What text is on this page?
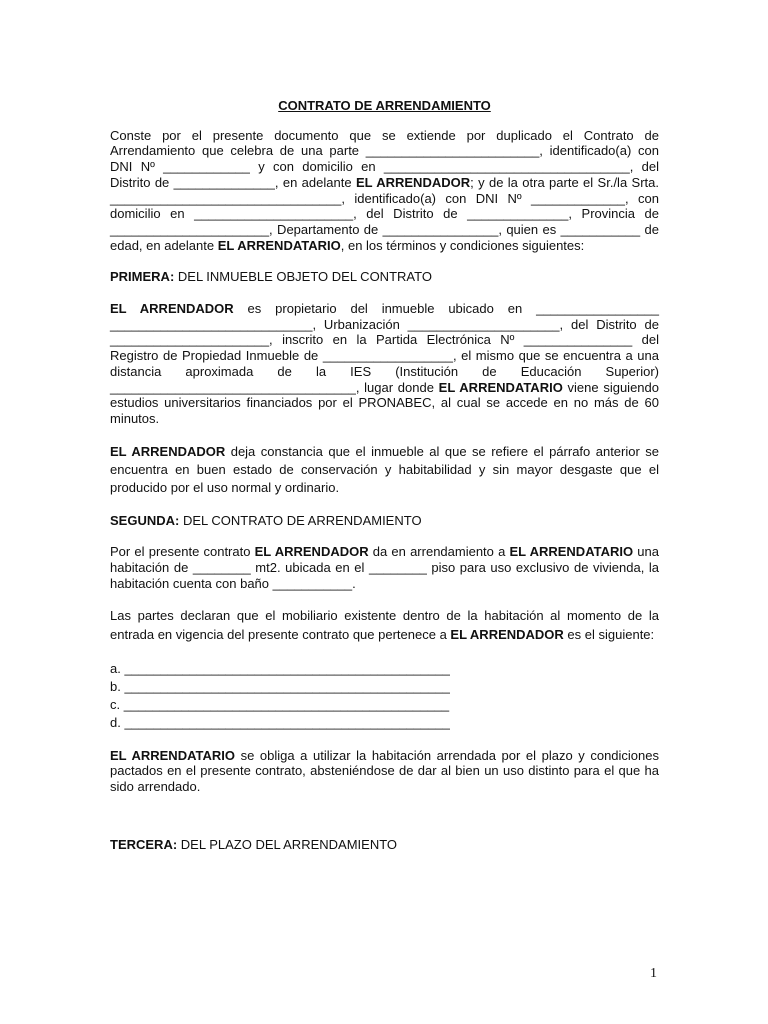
CONTRATO DE ARRENDAMIENTO

Conste por el presente documento que se extiende por duplicado el Contrato de Arrendamiento que celebra de una parte ________________________, identificado(a) con DNI Nº ____________ y con domicilio en __________________________________, del Distrito de ______________, en adelante EL ARRENDADOR; y de la otra parte el Sr./la Srta. ________________________________, identificado(a) con DNI Nº _____________, con domicilio en ______________________, del Distrito de ______________, Provincia de ______________________, Departamento de ________________, quien es ___________ de edad, en adelante EL ARRENDATARIO, en los términos y condiciones siguientes:

PRIMERA: DEL INMUEBLE OBJETO DEL CONTRATO

EL ARRENDADOR es propietario del inmueble ubicado en _________________ ____________________________, Urbanización _____________________, del Distrito de ______________________, inscrito en la Partida Electrónica Nº _______________ del Registro de Propiedad Inmueble de __________________, el mismo que se encuentra a una distancia aproximada de la IES (Institución de Educación Superior) __________________________________, lugar donde EL ARRENDATARIO viene siguiendo estudios universitarios financiados por el PRONABEC, al cual se accede en no más de 60 minutos.

EL ARRENDADOR deja constancia que el inmueble al que se refiere el párrafo anterior se encuentra en buen estado de conservación y habitabilidad y sin mayor desgaste que el producido por el uso normal y ordinario.

SEGUNDA: DEL CONTRATO DE ARRENDAMIENTO

Por el presente contrato EL ARRENDADOR da en arrendamiento a EL ARRENDATARIO una habitación de ________ mt2. ubicada en el ________ piso para uso exclusivo de vivienda, la habitación cuenta con baño ___________.

Las partes declaran que el mobiliario existente dentro de la habitación al momento de la entrada en vigencia del presente contrato que pertenece a EL ARRENDADOR es el siguiente:

a. _____________________________________________
b. _____________________________________________
c. _____________________________________________
d. _____________________________________________

EL ARRENDATARIO se obliga a utilizar la habitación arrendada por el plazo y condiciones pactados en el presente contrato, absteniéndose de dar al bien un uso distinto para el que ha sido arrendado.

TERCERA: DEL PLAZO DEL ARRENDAMIENTO

1
